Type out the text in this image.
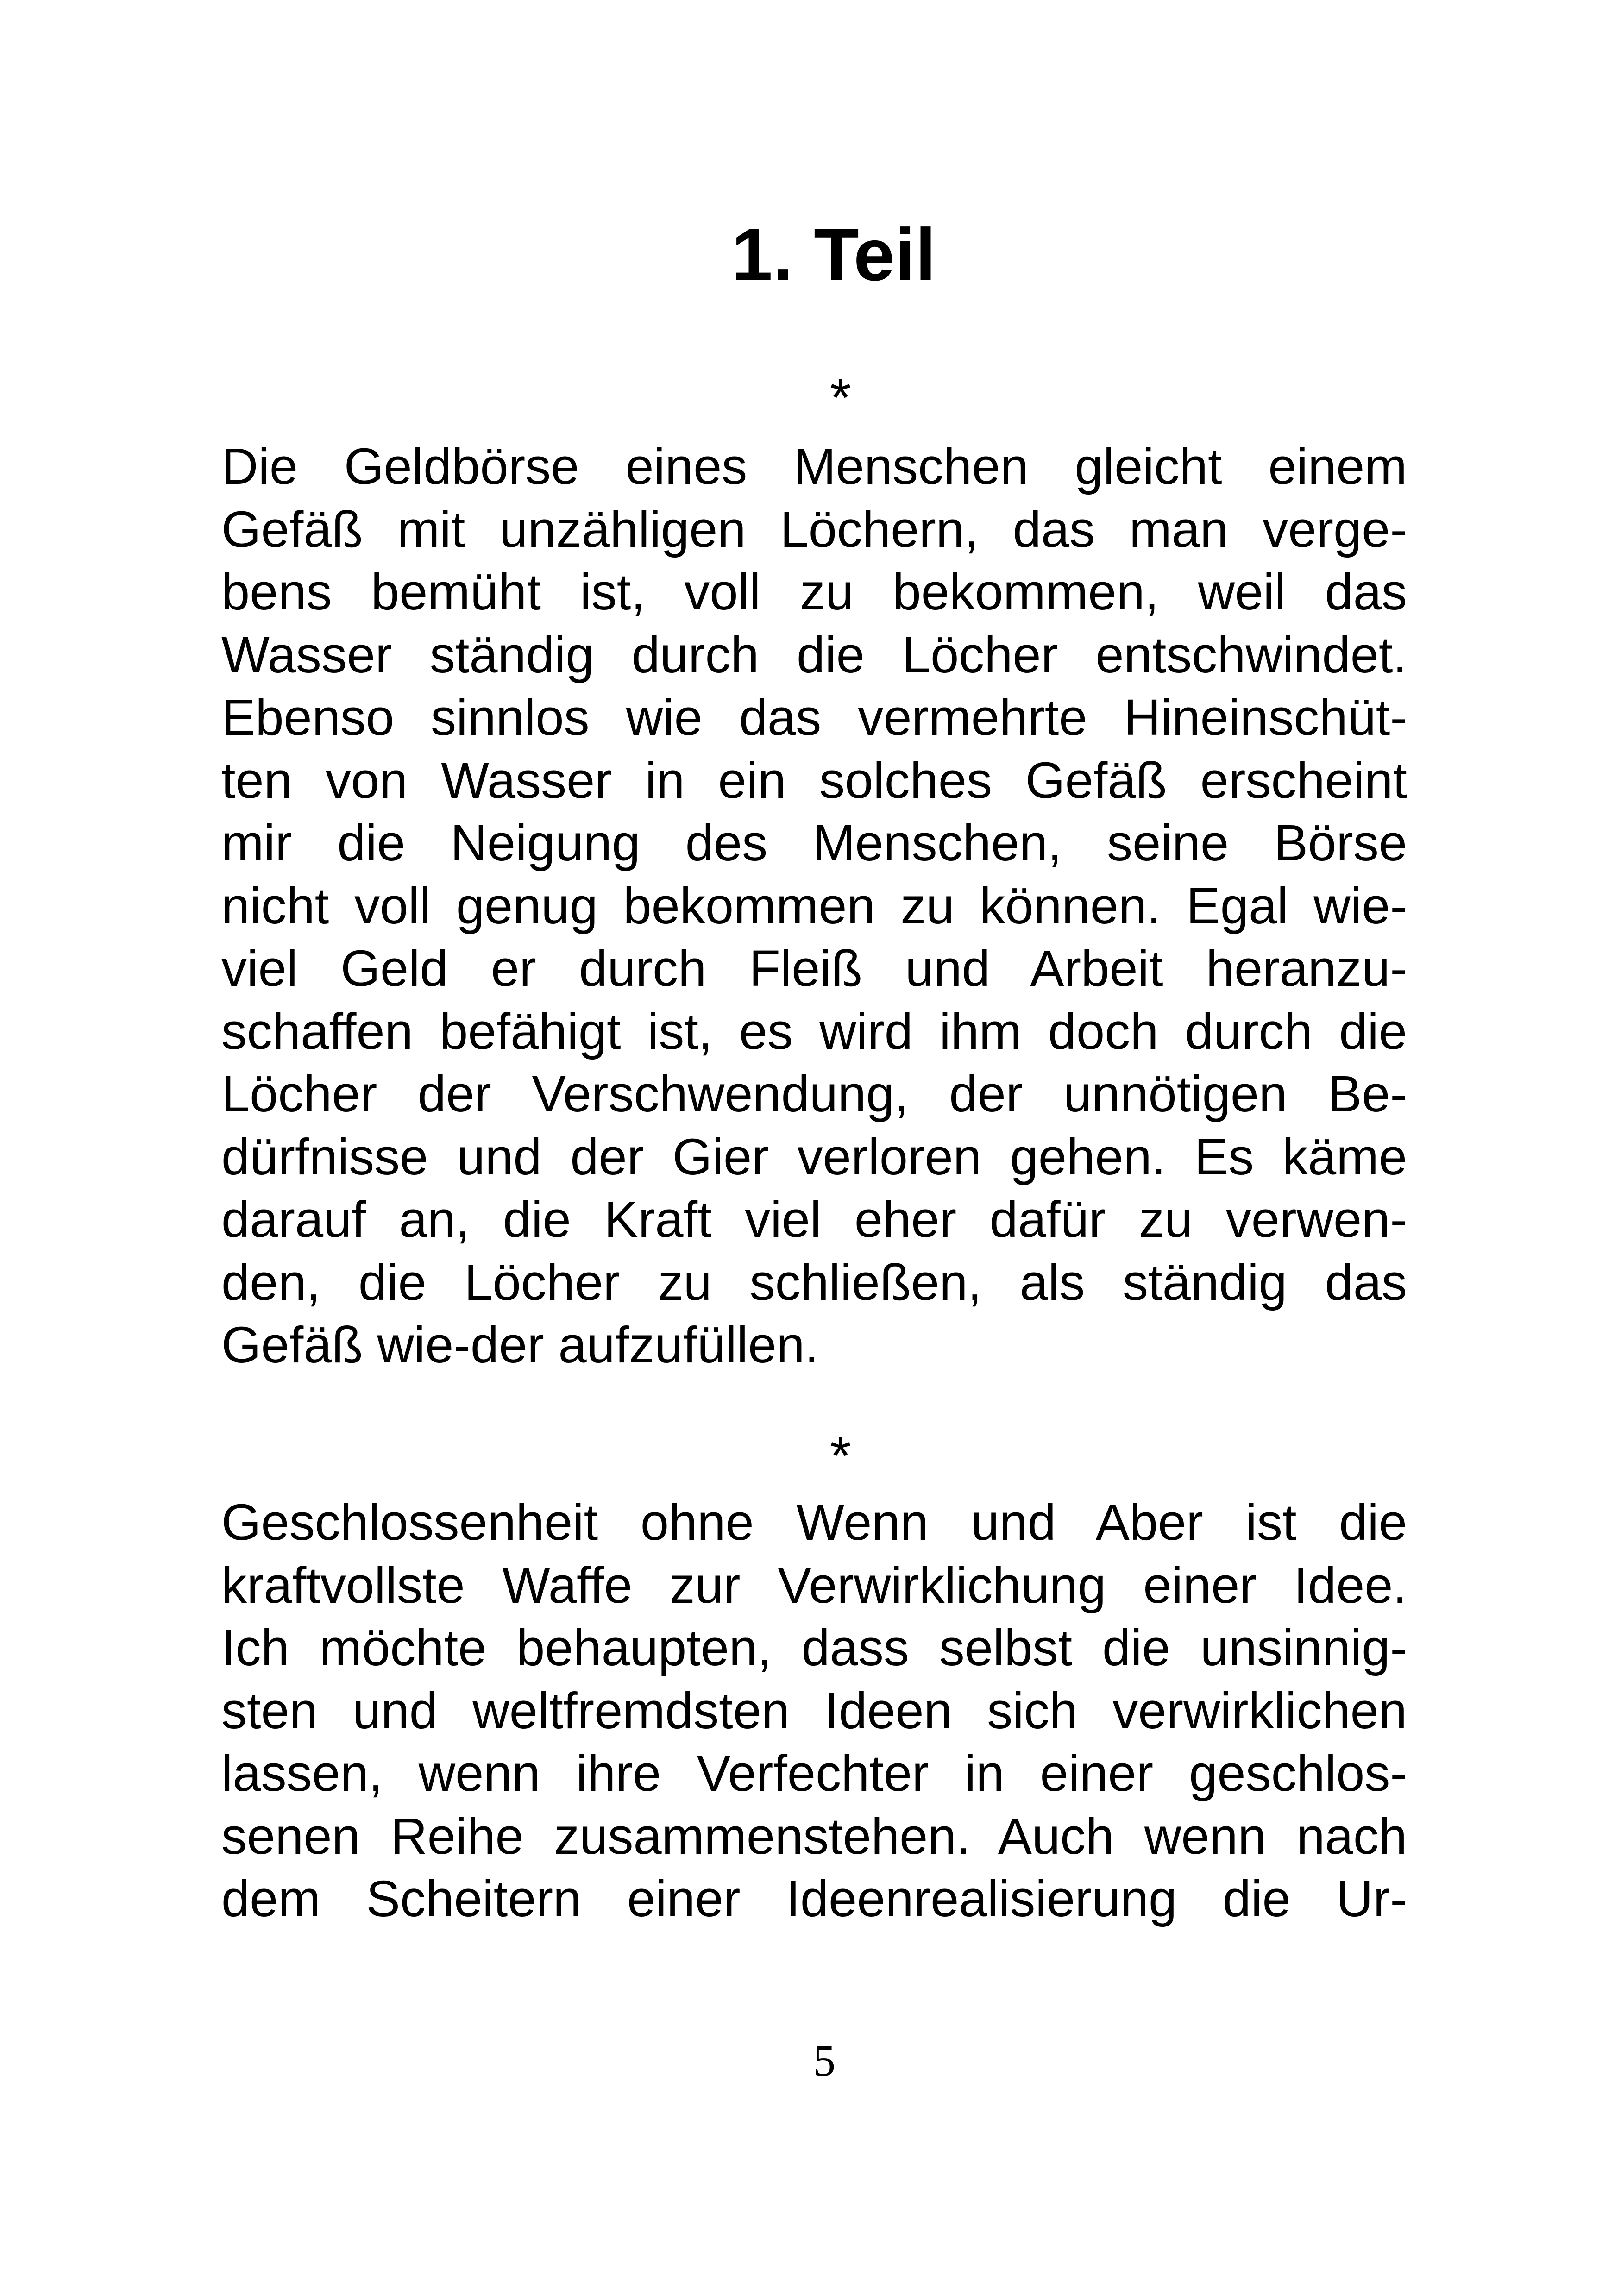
1. Teil
*
Die Geldbörse eines Menschen gleicht einem
Gefäß mit unzähligen Löchern, das man verge-
bens bemüht ist, voll zu bekommen, weil das
Wasser ständig durch die Löcher entschwindet.
Ebenso sinnlos wie das vermehrte Hineinschüt-
ten von Wasser in ein solches Gefäß erscheint
mir die Neigung des Menschen, seine Börse
nicht voll genug bekommen zu können. Egal wie-
viel Geld er durch Fleiß und Arbeit heranzu-
schaffen befähigt ist, es wird ihm doch durch die
Löcher der Verschwendung, der unnötigen Be-
dürfnisse und der Gier verloren gehen. Es käme
darauf an, die Kraft viel eher dafür zu verwen-
den, die Löcher zu schließen, als ständig das
Gefäß wie-der aufzufüllen.
*
Geschlossenheit ohne Wenn und Aber ist die
kraftvollste Waffe zur Verwirklichung einer Idee.
Ich möchte behaupten, dass selbst die unsinnig-
sten und weltfremdsten Ideen sich verwirklichen
lassen, wenn ihre Verfechter in einer geschlos-
senen Reihe zusammenstehen. Auch wenn nach
dem Scheitern einer Ideenrealisierung die Ur-
5
